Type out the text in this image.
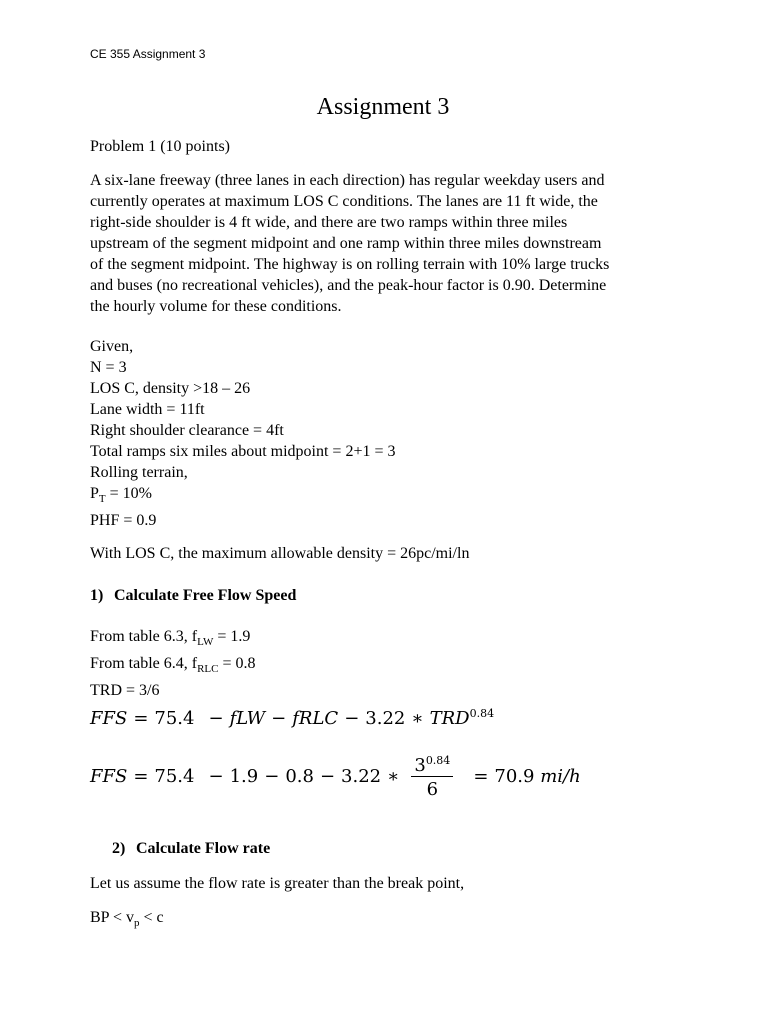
CE 355 Assignment 3
Assignment 3
Problem 1 (10 points)
A six-lane freeway (three lanes in each direction) has regular weekday users and
currently operates at maximum LOS C conditions. The lanes are 11 ft wide, the
right-side shoulder is 4 ft wide, and there are two ramps within three miles
upstream of the segment midpoint and one ramp within three miles downstream
of the segment midpoint. The highway is on rolling terrain with 10% large trucks
and buses (no recreational vehicles), and the peak-hour factor is 0.90. Determine
the hourly volume for these conditions.
Given,
N = 3
LOS C, density >18 – 26
Lane width = 11ft
Right shoulder clearance = 4ft
Total ramps six miles about midpoint = 2+1 = 3
Rolling terrain,
$P_T = 10\%$
PHF = 0.9
With LOS C, the maximum allowable density = 26pc/mi/ln
1) Calculate Free Flow Speed
From table 6.3, $f_{LW} = 1.9$
From table 6.4, $f_{RLC} = 0.8$
TRD = 3/6
FFS = 75.4 − fLW − fRLC − 3.22 ∗ $TRD^{0.84}$
FFS = 75.4 − 1.9 − 0.8 − 3.22 ∗ $\frac{3^{0.84}}{6} = 70.9$ mi/h
2) Calculate Flow rate
Let us assume the flow rate is greater than the break point,
BP < $v_p < c$
